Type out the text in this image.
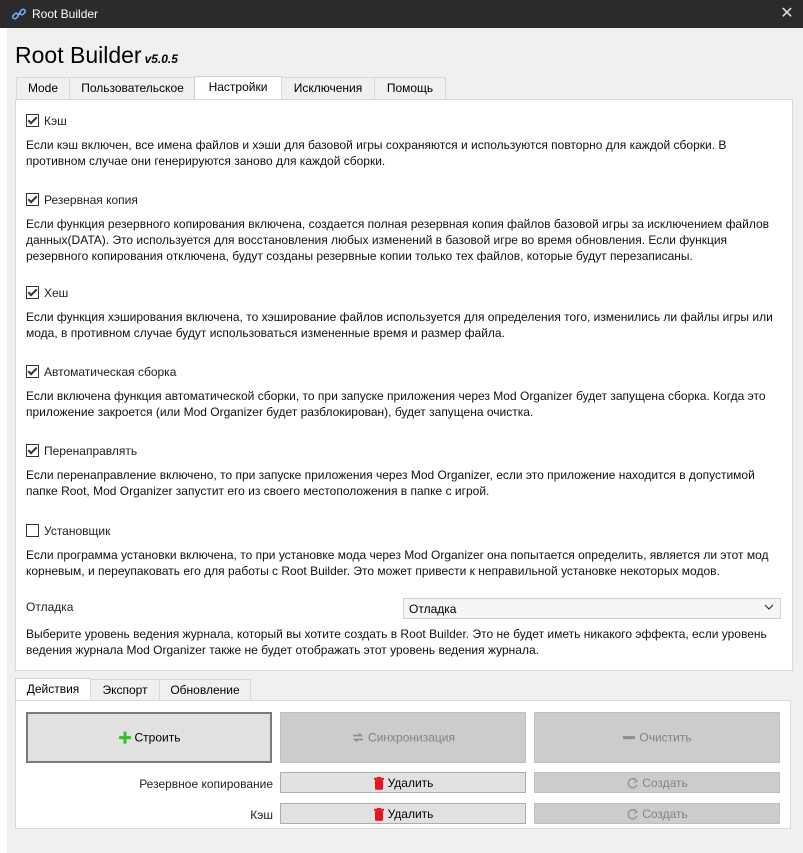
Root Builder	✕
Root Builder v5.0.5
Mode	Пользовательское	Настройки	Исключения	Помощь
Кэш
Если кэш включен, все имена файлов и хэши для базовой игры сохраняются и используются повторно для каждой сборки. В противном случае они генерируются заново для каждой сборки.
Резервная копия
Если функция резервного копирования включена, создается полная резервная копия файлов базовой игры за исключением файлов данных(DATA). Это используется для восстановления любых изменений в базовой игре во время обновления. Если функция резервного копирования отключена, будут созданы резервные копии только тех файлов, которые будут перезаписаны.
Хеш
Если функция хэширования включена, то хэширование файлов используется для определения того, изменились ли файлы игры или мода, в противном случае будут использоваться измененные время и размер файла.
Автоматическая сборка
Если включена функция автоматической сборки, то при запуске приложения через Mod Organizer будет запущена сборка. Когда это приложение закроется (или Mod Organizer будет разблокирован), будет запущена очистка.
Перенаправлять
Если перенаправление включено, то при запуске приложения через Mod Organizer, если это приложение находится в допустимой папке Root, Mod Organizer запустит его из своего местоположения в папке с игрой.
Установщик
Если программа установки включена, то при установке мода через Mod Organizer она попытается определить, является ли этот мод корневым, и переупаковать его для работы с Root Builder. Это может привести к неправильной установке некоторых модов.
Отладка	Отладка
Выберите уровень ведения журнала, который вы хотите создать в Root Builder. Это не будет иметь никакого эффекта, если уровень ведения журнала Mod Organizer также не будет отображать этот уровень ведения журнала.
Действия	Экспорт	Обновление
Строить	Синхронизация	Очистить
Резервное копирование	Удалить	Создать
Кэш	Удалить	Создать
